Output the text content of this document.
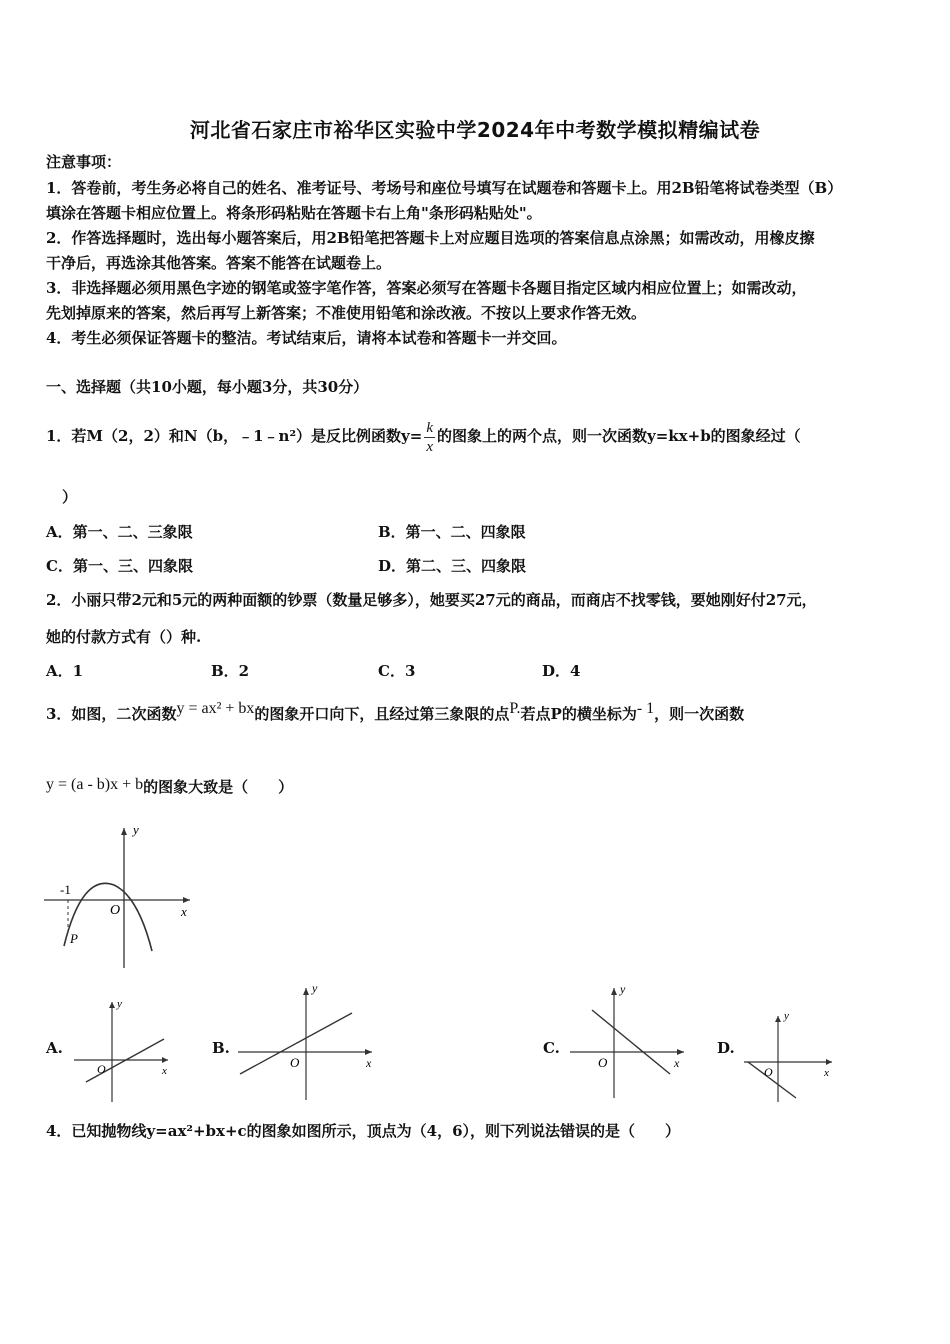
河北省石家庄市裕华区实验中学2024年中考数学模拟精编试卷
注意事项：
1．答卷前，考生务必将自己的姓名、准考证号、考场号和座位号填写在试题卷和答题卡上。用2B铅笔将试卷类型（B）
填涂在答题卡相应位置上。将条形码粘贴在答题卡右上角"条形码粘贴处"。
2．作答选择题时，选出每小题答案后，用2B铅笔把答题卡上对应题目选项的答案信息点涂黑；如需改动，用橡皮擦
干净后，再选涂其他答案。答案不能答在试题卷上。
3．非选择题必须用黑色字迹的钢笔或签字笔作答，答案必须写在答题卡各题目指定区域内相应位置上；如需改动，
先划掉原来的答案，然后再写上新答案；不准使用铅笔和涂改液。不按以上要求作答无效。
4．考生必须保证答题卡的整洁。考试结束后，请将本试卷和答题卡一并交回。
一、选择题（共10小题，每小题3分，共30分）
1．若M（2，2）和N（b，﹣1﹣n²）是反比例函数$y= \frac{k}{x}$ 的图象上的两个点，则一次函数y=kx+b的图象经过（
）
A．第一、二、三象限	B．第一、二、四象限
C．第一、三、四象限	D．第二、三、四象限
2．小丽只带2元和5元的两种面额的钞票（数量足够多），她要买27元的商品，而商店不找零钱，要她刚好付27元，
她的付款方式有（）种.
A．1	B．2	C．3	D．4
3．如图，二次函数y = ax² + bx的图象开口向下，且经过第三象限的点P.若点P的横坐标为- 1，则一次函数
y = (a - b)x + b的图象大致是（　　）
y
x
O
-1
P
A.	B.	C.	D.
y
x
O
y
x
O
y
x
O
y
x
O
4．已知抛物线y=ax²+bx+c的图象如图所示，顶点为（4，6），则下列说法错误的是（　　）
